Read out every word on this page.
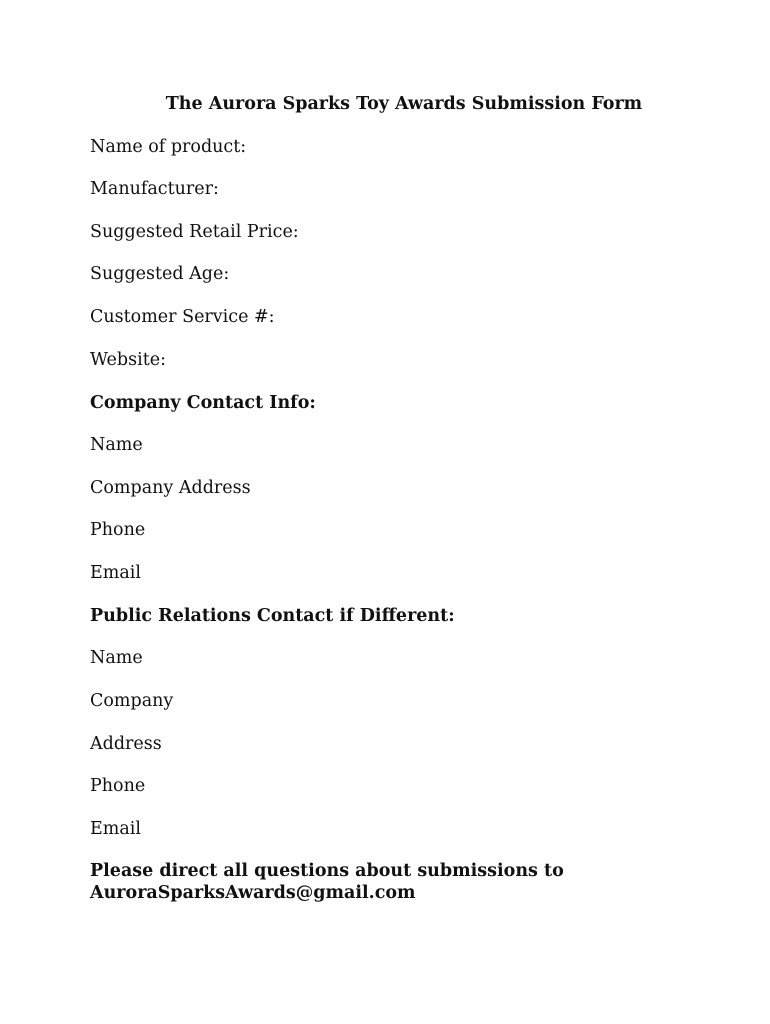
The Aurora Sparks Toy Awards Submission Form
Name of product:
Manufacturer:
Suggested Retail Price:
Suggested Age:
Customer Service #:
Website:
Company Contact Info:
Name
Company Address
Phone
Email
Public Relations Contact if Different:
Name
Company
Address
Phone
Email
Please direct all questions about submissions to
AuroraSparksAwards@gmail.com
